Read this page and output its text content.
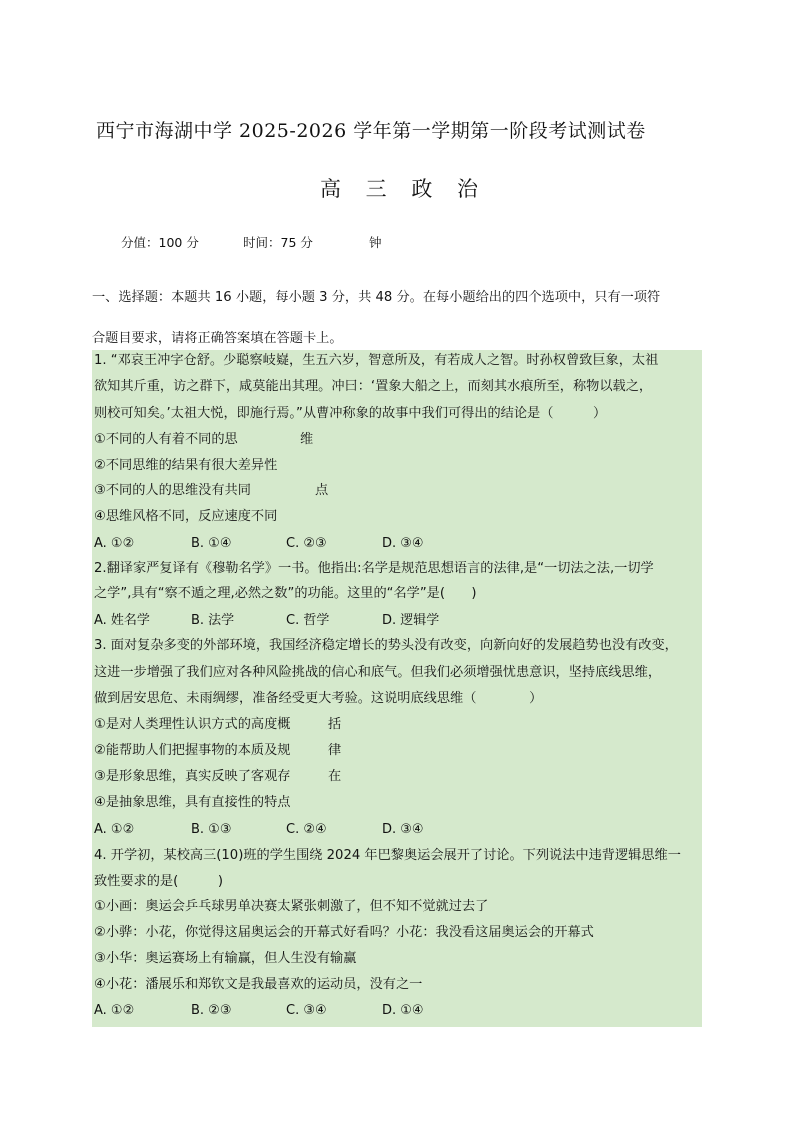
西宁市海湖中学 2025-2026 学年第一学期第一阶段考试测试卷
高 三 政 治
分值：100 分	时间：75 分	钟
一、选择题：本题共 16 小题，每小题 3 分，共 48 分。在每小题给出的四个选项中，只有一项符
合题目要求，请将正确答案填在答题卡上。
1. “邓哀王冲字仓舒。少聪察岐嶷，生五六岁，智意所及，有若成人之智。时孙权曾致巨象，太祖
欲知其斤重，访之群下，咸莫能出其理。冲曰：‘置象大船之上，而刻其水痕所至，称物以载之，
则校可知矣。’太祖大悦，即施行焉。”从曹冲称象的故事中我们可得出的结论是（　　　）
①不同的人有着不同的思	维
②不同思维的结果有很大差异性
③不同的人的思维没有共同	点
④思维风格不同，反应速度不同
A. ①②	B. ①④	C. ②③	D. ③④
2.翻译家严复译有《穆勒名学》一书。他指出:名学是规范思想语言的法律,是“一切法之法,一切学
之学”,具有“察不遁之理,必然之数”的功能。这里的“名学”是(　　)
A. 姓名学	B. 法学	C. 哲学	D. 逻辑学
3. 面对复杂多变的外部环境，我国经济稳定增长的势头没有改变，向新向好的发展趋势也没有改变，
这进一步增强了我们应对各种风险挑战的信心和底气。但我们必须增强忧患意识，坚持底线思维，
做到居安思危、未雨绸缪，准备经受更大考验。这说明底线思维（　　　　）
①是对人类理性认识方式的高度概	括
②能帮助人们把握事物的本质及规	律
③是形象思维，真实反映了客观存	在
④是抽象思维，具有直接性的特点
A. ①②	B. ①③	C. ②④	D. ③④
4. 开学初，某校高三(10)班的学生围绕 2024 年巴黎奥运会展开了讨论。下列说法中违背逻辑思维一
致性要求的是(　　　)
①小画：奥运会乒乓球男单决赛太紧张刺激了，但不知不觉就过去了
②小骅：小花，你觉得这届奥运会的开幕式好看吗？小花：我没看这届奥运会的开幕式
③小华：奥运赛场上有输赢，但人生没有输赢
④小花：潘展乐和郑钦文是我最喜欢的运动员，没有之一
A. ①②	B. ②③	C. ③④	D. ①④
